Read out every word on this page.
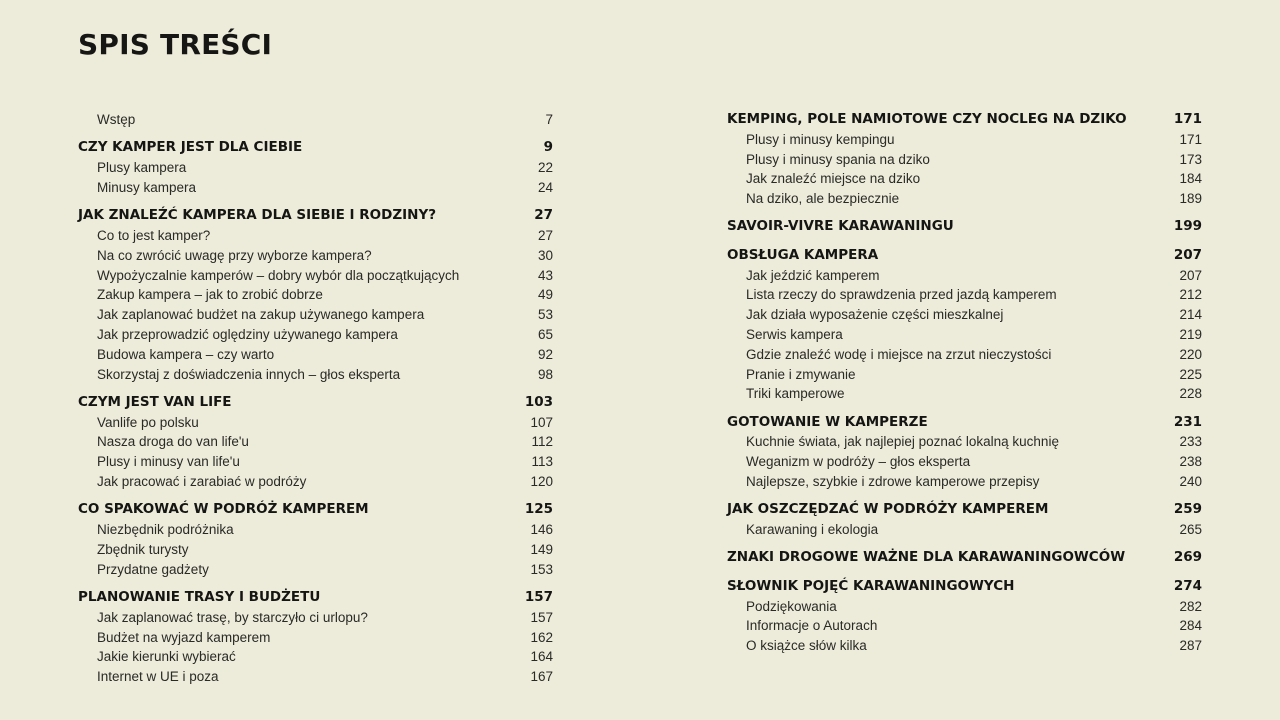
SPIS TREŚCI
Wstęp	7
CZY KAMPER JEST DLA CIEBIE	9
Plusy kampera	22
Minusy kampera	24
JAK ZNALEŹĆ KAMPERA DLA SIEBIE I RODZINY?	27
Co to jest kamper?	27
Na co zwrócić uwagę przy wyborze kampera?	30
Wypożyczalnie kamperów – dobry wybór dla początkujących	43
Zakup kampera – jak to zrobić dobrze	49
Jak zaplanować budżet na zakup używanego kampera	53
Jak przeprowadzić oględziny używanego kampera	65
Budowa kampera – czy warto	92
Skorzystaj z doświadczenia innych – głos eksperta	98
CZYM JEST VAN LIFE	103
Vanlife po polsku	107
Nasza droga do van life'u	112
Plusy i minusy van life'u	113
Jak pracować i zarabiać w podróży	120
CO SPAKOWAĆ W PODRÓŻ KAMPEREM	125
Niezbędnik podróżnika	146
Zbędnik turysty	149
Przydatne gadżety	153
PLANOWANIE TRASY I BUDŻETU	157
Jak zaplanować trasę, by starczyło ci urlopu?	157
Budżet na wyjazd kamperem	162
Jakie kierunki wybierać	164
Internet w UE i poza	167
KEMPING, POLE NAMIOTOWE CZY NOCLEG NA DZIKO	171
Plusy i minusy kempingu	171
Plusy i minusy spania na dziko	173
Jak znaleźć miejsce na dziko	184
Na dziko, ale bezpiecznie	189
SAVOIR-VIVRE KARAWANINGU	199
OBSŁUGA KAMPERA	207
Jak jeździć kamperem	207
Lista rzeczy do sprawdzenia przed jazdą kamperem	212
Jak działa wyposażenie części mieszkalnej	214
Serwis kampera	219
Gdzie znaleźć wodę i miejsce na zrzut nieczystości	220
Pranie i zmywanie	225
Triki kamperowe	228
GOTOWANIE W KAMPERZE	231
Kuchnie świata, jak najlepiej poznać lokalną kuchnię	233
Weganizm w podróży – głos eksperta	238
Najlepsze, szybkie i zdrowe kamperowe przepisy	240
JAK OSZCZĘDZAĆ W PODRÓŻY KAMPEREM	259
Karawaning i ekologia	265
ZNAKI DROGOWE WAŻNE DLA KARAWANINGOWCÓW	269
SŁOWNIK POJĘĆ KARAWANINGOWYCH	274
Podziękowania	282
Informacje o Autorach	284
O książce słów kilka	287
